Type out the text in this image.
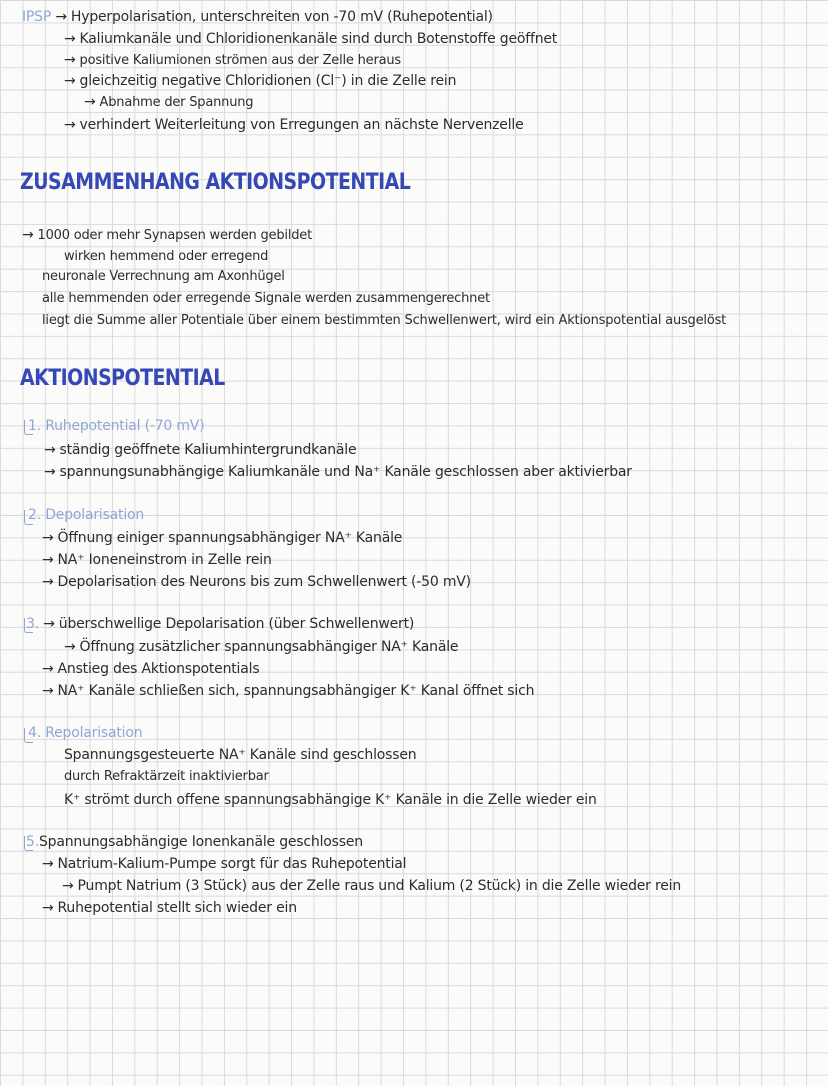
IPSP → Hyperpolarisation, unterschreiten von -70 mV (Ruhepotential)
→ Kaliumkanäle und Chloridionenkanäle sind durch Botenstoffe geöffnet
→ positive Kaliumionen strömen aus der Zelle heraus
→ gleichzeitig negative Chloridionen (Cl⁻) in die Zelle rein
→ Abnahme der Spannung
→ verhindert Weiterleitung von Erregungen an nächste Nervenzelle
ZUSAMMENHANG AKTIONSPOTENTIAL
→ 1000 oder mehr Synapsen werden gebildet
wirken hemmend oder erregend
neuronale Verrechnung am Axonhügel
alle hemmenden oder erregende Signale werden zusammengerechnet
liegt die Summe aller Potentiale über einem bestimmten Schwellenwert, wird ein Aktionspotential ausgelöst
AKTIONSPOTENTIAL
1. Ruhepotential (-70 mV)
→ ständig geöffnete Kaliumhintergrundkanäle
→ spannungsunabhängige Kaliumkanäle und Na⁺ Kanäle geschlossen aber aktivierbar
2. Depolarisation
→ Öffnung einiger spannungsabhängiger NA⁺ Kanäle
→ NA⁺ Ioneneinstrom in Zelle rein
→ Depolarisation des Neurons bis zum Schwellenwert (-50 mV)
3. → überschwellige Depolarisation (über Schwellenwert)
→ Öffnung zusätzlicher spannungsabhängiger NA⁺ Kanäle
→ Anstieg des Aktionspotentials
→ NA⁺ Kanäle schließen sich, spannungsabhängiger K⁺ Kanal öffnet sich
4. Repolarisation
Spannungsgesteuerte NA⁺ Kanäle sind geschlossen
durch Refraktärzeit inaktivierbar
K⁺ strömt durch offene spannungsabhängige K⁺ Kanäle in die Zelle wieder ein
5.Spannungsabhängige Ionenkanäle geschlossen
→ Natrium-Kalium-Pumpe sorgt für das Ruhepotential
→ Pumpt Natrium (3 Stück) aus der Zelle raus und Kalium (2 Stück) in die Zelle wieder rein
→ Ruhepotential stellt sich wieder ein
